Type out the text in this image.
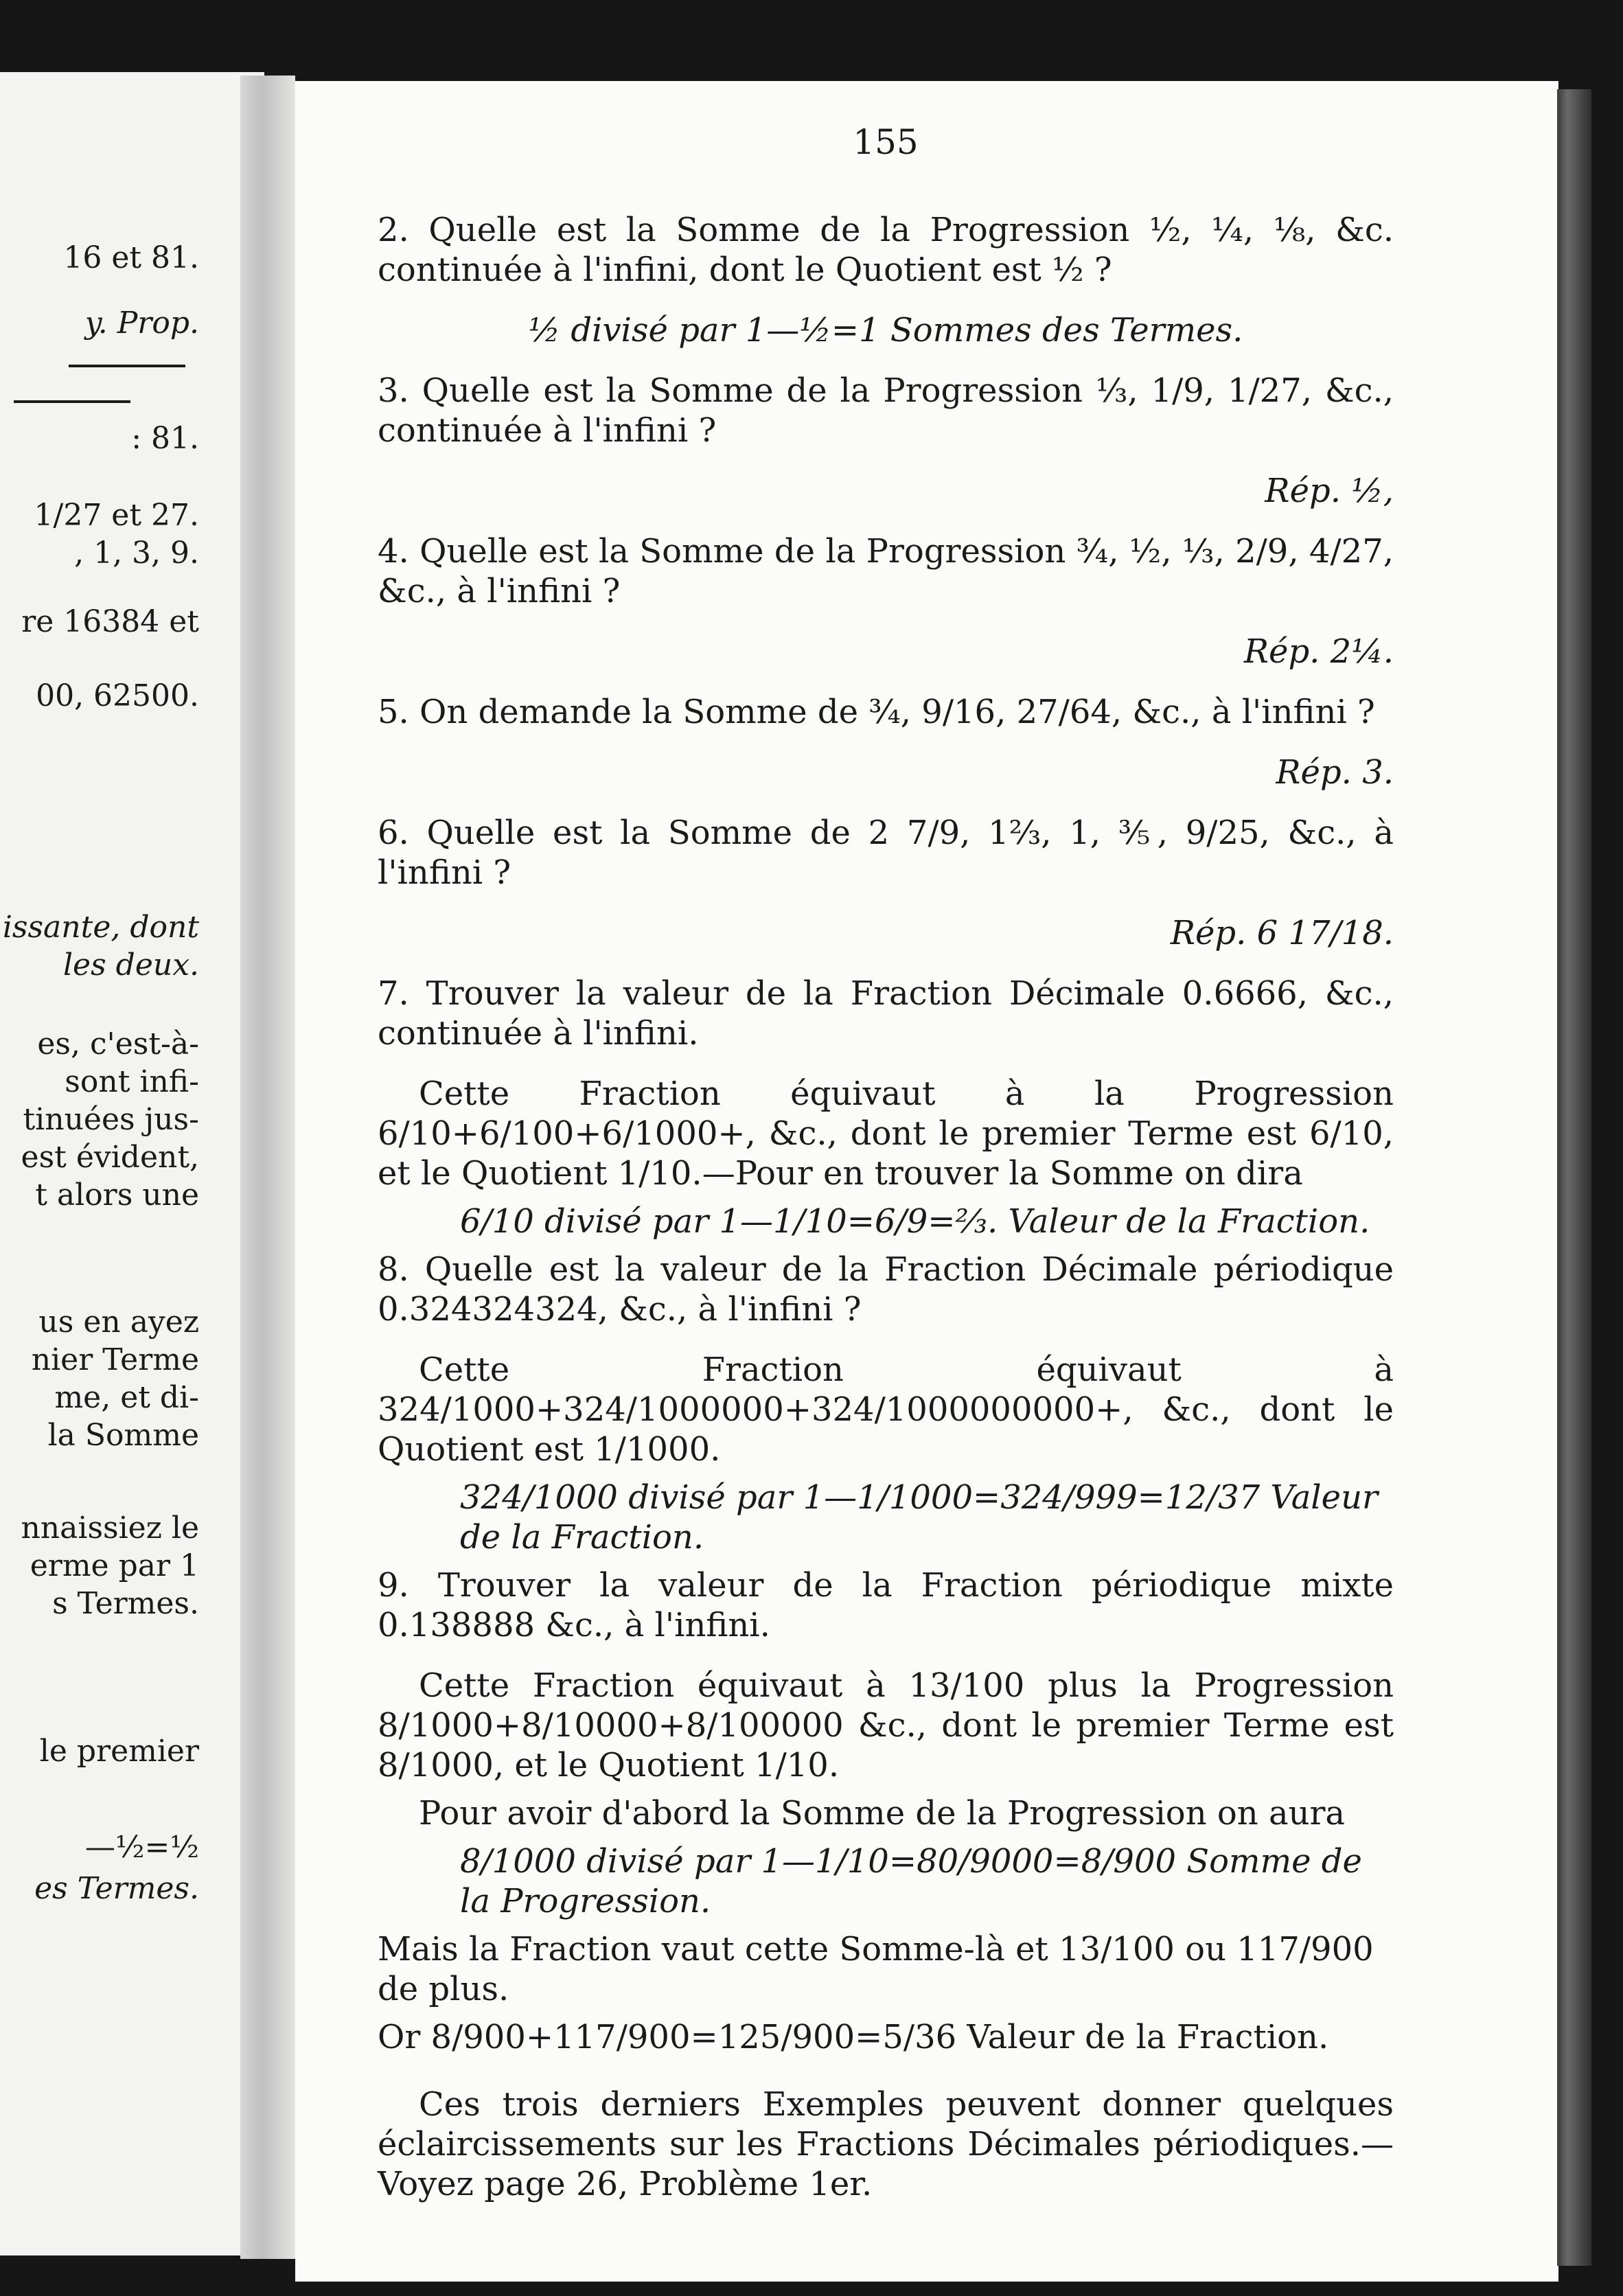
16 et 81.
y. Prop.
: 81.
1/27 et 27.
, 1, 3, 9.
re 16384 et
00, 62500.
issante, dont
les deux.
es, c'est-à-
sont infi-
tinuées jus-
est évident,
t alors une
us en ayez
nier Terme
me, et di-
la Somme
nnaissiez le
erme par 1
s Termes.
le premier
—½=½
es Termes.
155
2. Quelle est la Somme de la Progression ½, ¼, ⅛, &c. continuée à l'infini, dont le Quotient est ½ ?
½ divisé par 1—½=1 Sommes des Termes.
3. Quelle est la Somme de la Progression ⅓, 1/9, 1/27, &c., continuée à l'infini ?
Rép. ½,
4. Quelle est la Somme de la Progression ¾, ½, ⅓, 2/9, 4/27, &c., à l'infini ?
Rép. 2¼.
5. On demande la Somme de ¾, 9/16, 27/64, &c., à l'infini ?
Rép. 3.
6. Quelle est la Somme de 2 7/9, 1⅔, 1, ⅗, 9/25, &c., à l'infini ?
Rép. 6 17/18.
7. Trouver la valeur de la Fraction Décimale 0.6666, &c., continuée à l'infini.
Cette Fraction équivaut à la Progression 6/10+6/100+6/1000+, &c., dont le premier Terme est 6/10, et le Quotient 1/10.—Pour en trouver la Somme on dira
6/10 divisé par 1—1/10=6/9=⅔. Valeur de la Fraction.
8. Quelle est la valeur de la Fraction Décimale périodique 0.324324324, &c., à l'infini ?
Cette Fraction équivaut à 324/1000+324/1000000+324/1000000000+, &c., dont le Quotient est 1/1000.
324/1000 divisé par 1—1/1000=324/999=12/37 Valeur de la Fraction.
9. Trouver la valeur de la Fraction périodique mixte 0.138888 &c., à l'infini.
Cette Fraction équivaut à 13/100 plus la Progression 8/1000+8/10000+8/100000 &c., dont le premier Terme est 8/1000, et le Quotient 1/10.
Pour avoir d'abord la Somme de la Progression on aura
8/1000 divisé par 1—1/10=80/9000=8/900 Somme de la Progression.
Mais la Fraction vaut cette Somme-là et 13/100 ou 117/900 de plus.
Or 8/900+117/900=125/900=5/36 Valeur de la Fraction.
Ces trois derniers Exemples peuvent donner quelques éclaircissements sur les Fractions Décimales périodiques.—Voyez page 26, Problème 1er.
